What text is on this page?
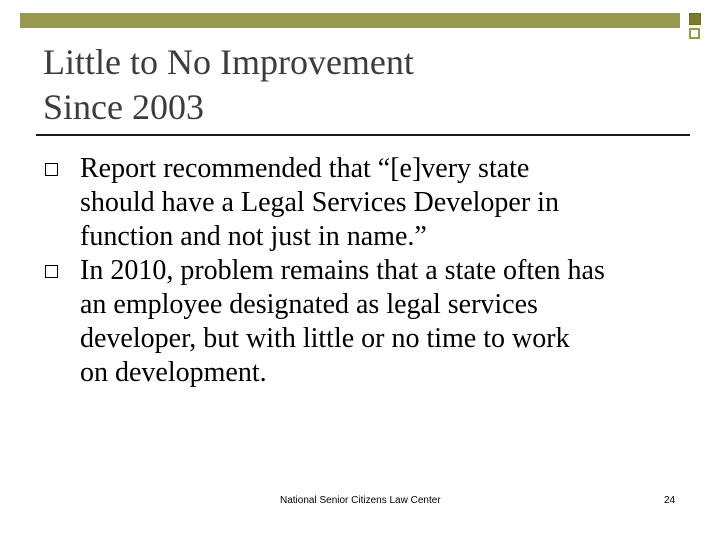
Little to No Improvement
Since 2003
Report recommended that “[e]very state
should have a Legal Services Developer in
function and not just in name.”
In 2010, problem remains that a state often has
an employee designated as legal services
developer, but with little or no time to work
on development.
National Senior Citizens Law Center	24
